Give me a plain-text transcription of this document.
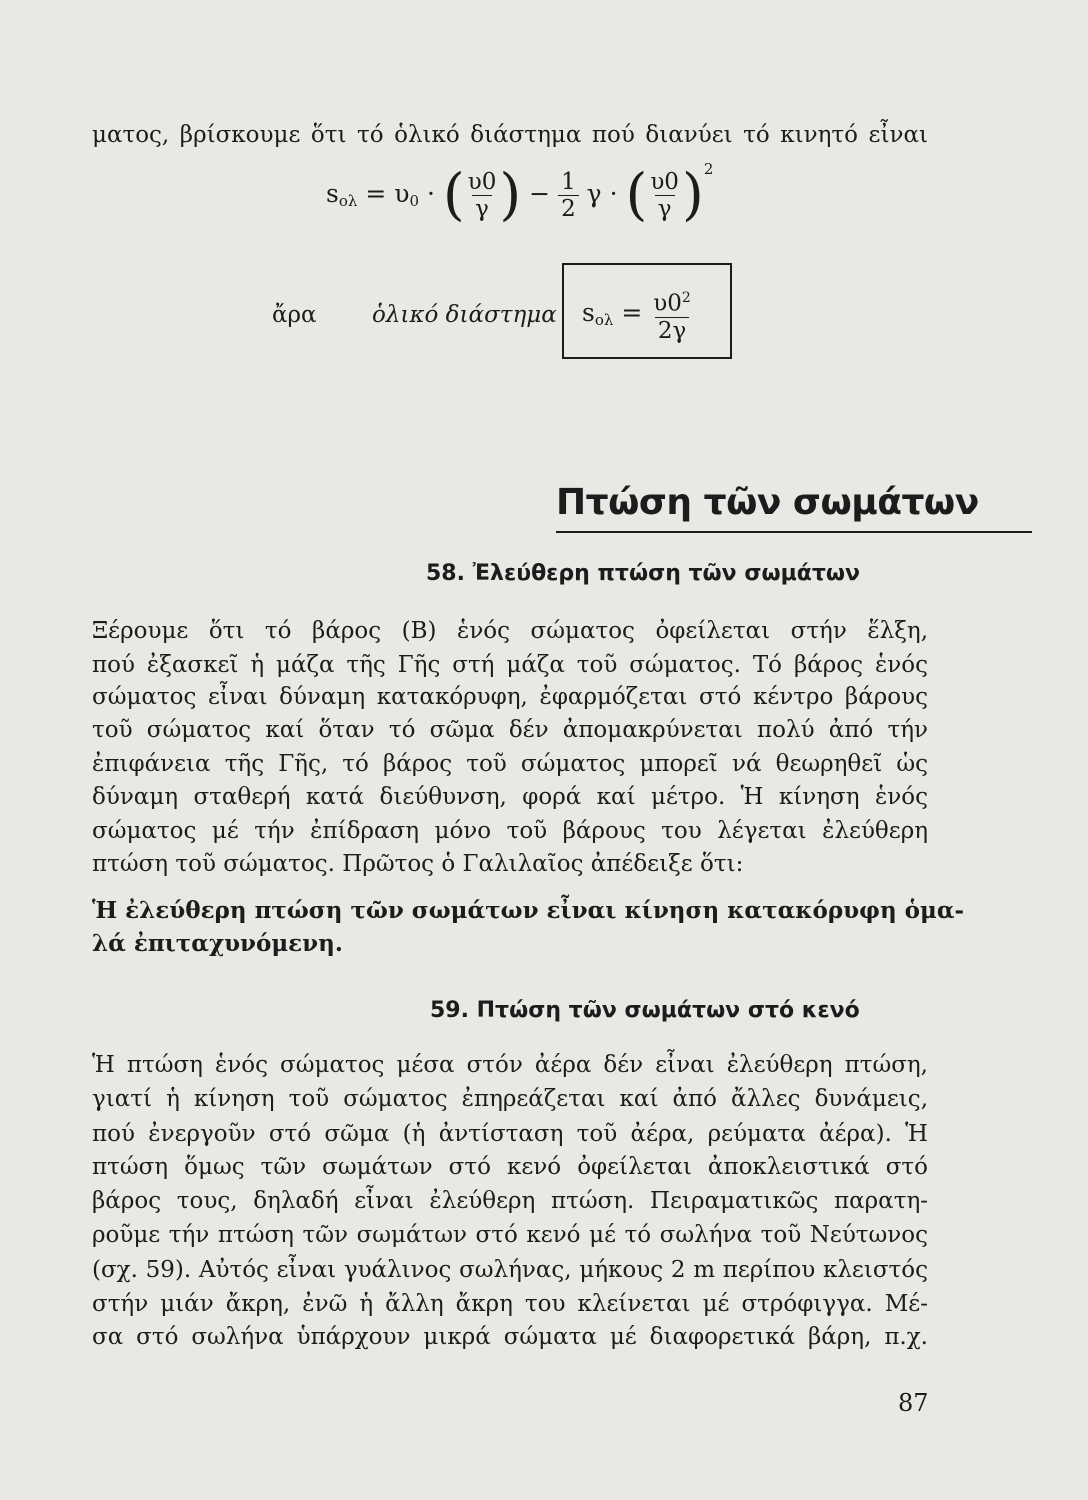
ματος, βρίσκουμε ὅτι τό ὁλικό διάστημα πού διανύει τό κινητό εἶναι
$s_{o\lambda} = \upsilon_0$ · ( $\frac{\upsilon 0}{\gamma}$ ) − $\frac{1}{2}$ γ · ( $\frac{\upsilon 0}{\gamma} )^2$
ἄρα ὁλικό διάστημα $s_{o\lambda} = \frac{\upsilon 0^2}{2\gamma}$
Πτώση τῶν σωμάτων
58. Ἐλεύθερη πτώση τῶν σωμάτων
Ξέρουμε ὅτι τό βάρος (Β) ἑνός σώματος ὀφείλεται στήν ἕλξη,
πού ἐξασκεῖ ἡ μάζα τῆς Γῆς στή μάζα τοῦ σώματος. Τό βάρος ἑνός
σώματος εἶναι δύναμη κατακόρυφη, ἐφαρμόζεται στό κέντρο βάρους
τοῦ σώματος καί ὅταν τό σῶμα δέν ἀπομακρύνεται πολύ ἀπό τήν
ἐπιφάνεια τῆς Γῆς, τό βάρος τοῦ σώματος μπορεῖ νά θεωρηθεῖ ὡς
δύναμη σταθερή κατά διεύθυνση, φορά καί μέτρο. Ἡ κίνηση ἑνός
σώματος μέ τήν ἐπίδραση μόνο τοῦ βάρους του λέγεται ἐλεύθερη
πτώση τοῦ σώματος. Πρῶτος ὁ Γαλιλαῖος ἀπέδειξε ὅτι:
Ἡ ἐλεύθερη πτώση τῶν σωμάτων εἶναι κίνηση κατακόρυφη ὁμα-
λά ἐπιταχυνόμενη.
59. Πτώση τῶν σωμάτων στό κενό
Ἡ πτώση ἑνός σώματος μέσα στόν ἀέρα δέν εἶναι ἐλεύθερη πτώση,
γιατί ἡ κίνηση τοῦ σώματος ἐπηρεάζεται καί ἀπό ἄλλες δυνάμεις,
πού ἐνεργοῦν στό σῶμα (ἡ ἀντίσταση τοῦ ἀέρα, ρεύματα ἀέρα). Ἡ
πτώση ὅμως τῶν σωμάτων στό κενό ὀφείλεται ἀποκλειστικά στό
βάρος τους, δηλαδή εἶναι ἐλεύθερη πτώση. Πειραματικῶς παρατη-
ροῦμε τήν πτώση τῶν σωμάτων στό κενό μέ τό σωλήνα τοῦ Νεύτωνος
(σχ. 59). Αὐτός εἶναι γυάλινος σωλήνας, μήκους 2 m περίπου κλειστός
στήν μιάν ἄκρη, ἐνῶ ἡ ἄλλη ἄκρη του κλείνεται μέ στρόφιγγα. Μέ-
σα στό σωλήνα ὑπάρχουν μικρά σώματα μέ διαφορετικά βάρη, π.χ.
87
